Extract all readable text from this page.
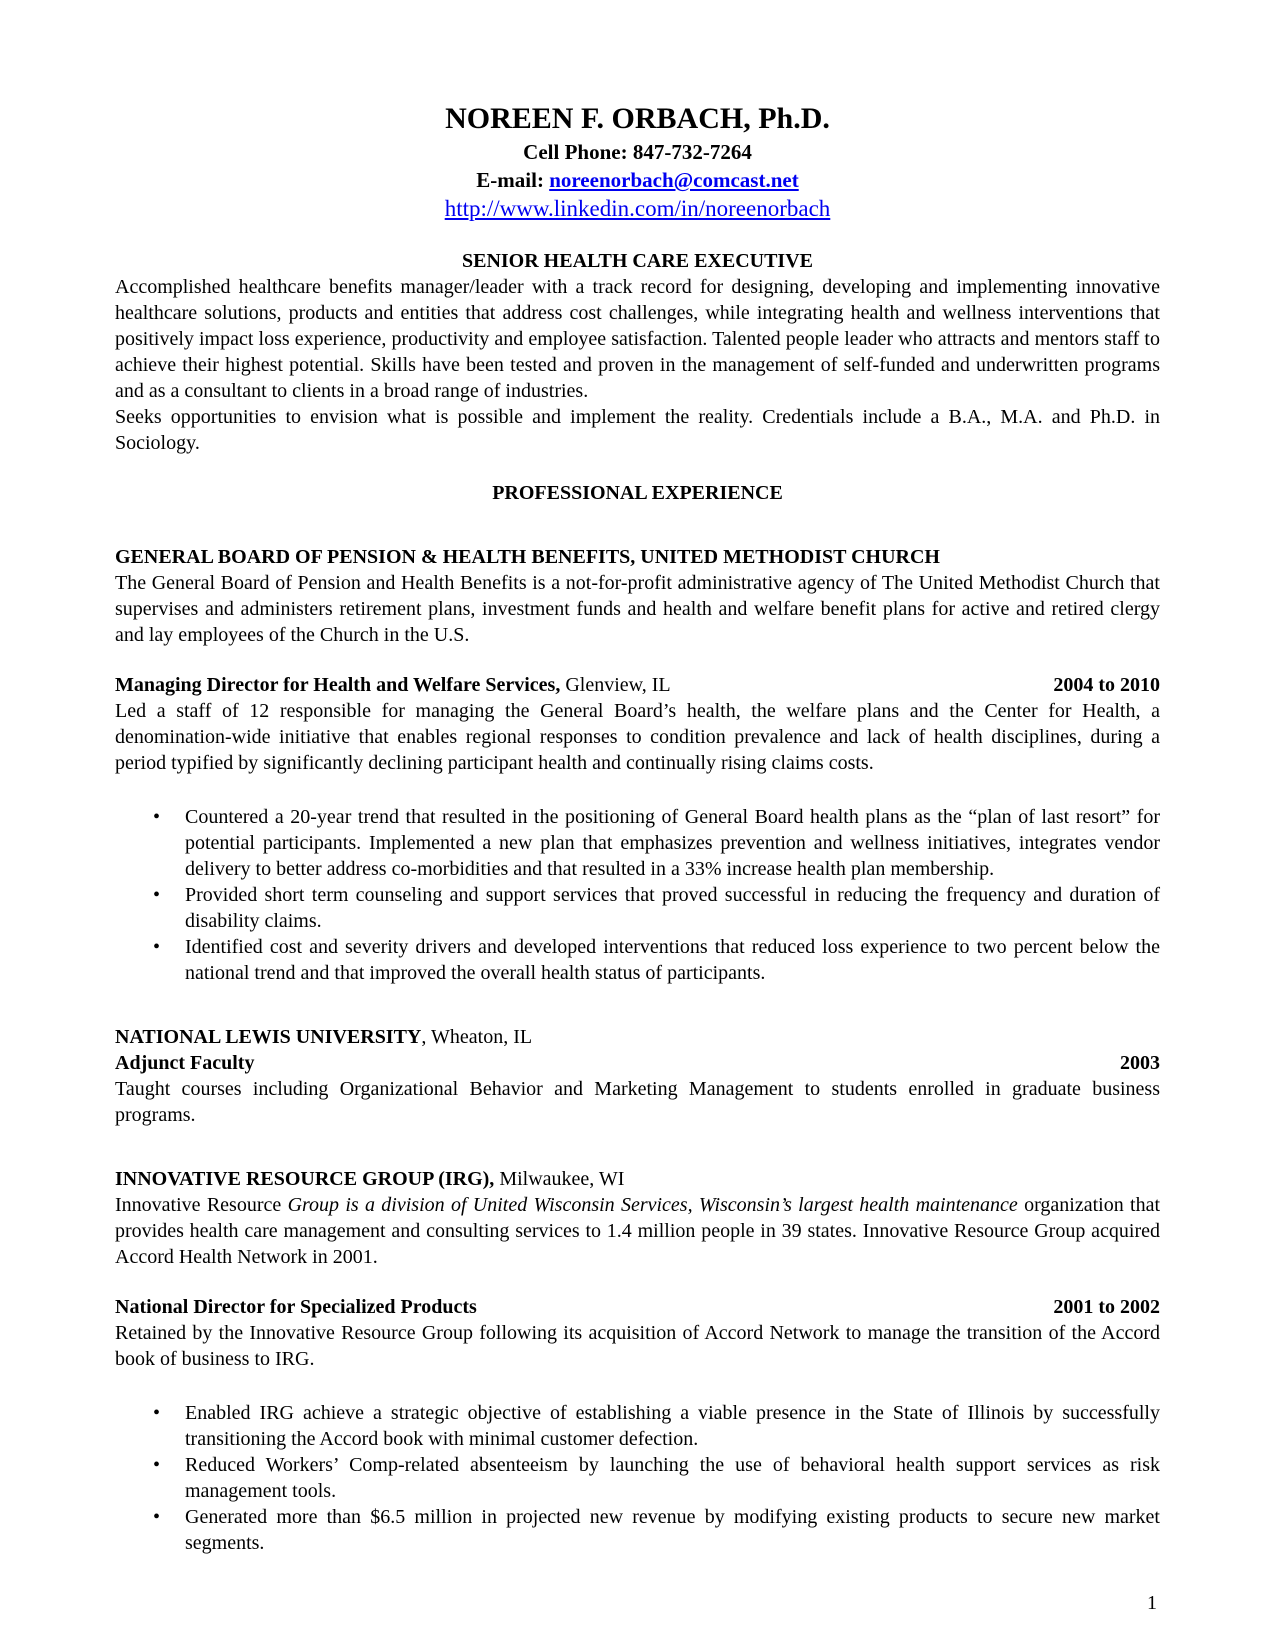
NOREEN F. ORBACH, Ph.D.
Cell Phone: 847-732-7264
E-mail: noreenorbach@comcast.net
http://www.linkedin.com/in/noreenorbach
SENIOR HEALTH CARE EXECUTIVE

Accomplished healthcare benefits manager/leader with a track record for designing, developing and implementing innovative healthcare solutions, products and entities that address cost challenges, while integrating health and wellness interventions that positively impact loss experience, productivity and employee satisfaction. Talented people leader who attracts and mentors staff to achieve their highest potential. Skills have been tested and proven in the management of self-funded and underwritten programs and as a consultant to clients in a broad range of industries.

Seeks opportunities to envision what is possible and implement the reality. Credentials include a B.A., M.A. and Ph.D. in Sociology.

PROFESSIONAL EXPERIENCE
GENERAL BOARD OF PENSION & HEALTH BENEFITS, UNITED METHODIST CHURCH

The General Board of Pension and Health Benefits is a not-for-profit administrative agency of The United Methodist Church that supervises and administers retirement plans, investment funds and health and welfare benefit plans for active and retired clergy and lay employees of the Church in the U.S.

Managing Director for Health and Welfare Services, Glenview, IL	2004 to 2010

Led a staff of 12 responsible for managing the General Board’s health, the welfare plans and the Center for Health, a denomination-wide initiative that enables regional responses to condition prevalence and lack of health disciplines, during a period typified by significantly declining participant health and continually rising claims costs.

• Countered a 20-year trend that resulted in the positioning of General Board health plans as the “plan of last resort” for potential participants. Implemented a new plan that emphasizes prevention and wellness initiatives, integrates vendor delivery to better address co-morbidities and that resulted in a 33% increase health plan membership.
• Provided short term counseling and support services that proved successful in reducing the frequency and duration of disability claims.
• Identified cost and severity drivers and developed interventions that reduced loss experience to two percent below the national trend and that improved the overall health status of participants.
NATIONAL LEWIS UNIVERSITY, Wheaton, IL
Adjunct Faculty	2003

Taught courses including Organizational Behavior and Marketing Management to students enrolled in graduate business programs.

INNOVATIVE RESOURCE GROUP (IRG), Milwaukee, WI

Innovative Resource Group is a division of United Wisconsin Services, Wisconsin’s largest health maintenance organization that provides health care management and consulting services to 1.4 million people in 39 states. Innovative Resource Group acquired Accord Health Network in 2001.

National Director for Specialized Products	2001 to 2002

Retained by the Innovative Resource Group following its acquisition of Accord Network to manage the transition of the Accord book of business to IRG.

• Enabled IRG achieve a strategic objective of establishing a viable presence in the State of Illinois by successfully transitioning the Accord book with minimal customer defection.
• Reduced Workers’ Comp-related absenteeism by launching the use of behavioral health support services as risk management tools.
• Generated more than $6.5 million in projected new revenue by modifying existing products to secure new market segments.
1
